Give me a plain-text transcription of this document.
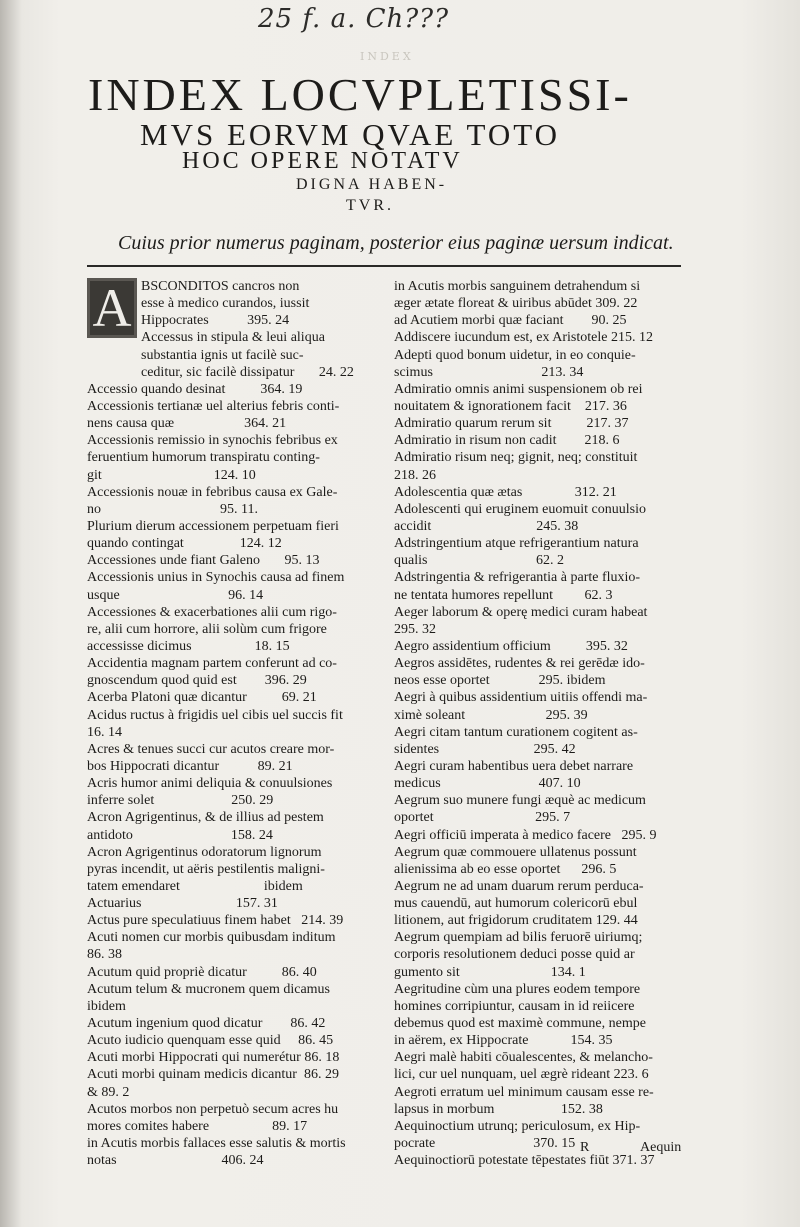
25 f. a. Ch???
INDEX
INDEX LOCVPLETISSI-
MVS EORVM QVAE TOTO
HOC OPERE NOTATV
DIGNA HABEN-
TVR.
Cuius prior numerus paginam, posterior eius paginæ uersum indicat.
A BSCONDITOS cancros non
esse à medico curandos, iussit
Hippocrates           395. 24
Accessus in stipula & leui aliqua
substantia ignis ut facilè suc-
ceditur, sic facilè dissipatur       24. 22
Accessio quando desinat          364. 19
Accessionis tertianæ uel alterius febris conti-
nens causa quæ                    364. 21
Accessionis remissio in synochis febribus ex
feruentium humorum transpiratu conting-
git                                124. 10
Accessionis nouæ in febribus causa ex Gale-
no                                  95. 11.
Plurium dierum accessionem perpetuam fieri
quando contingat                124. 12
Accessiones unde fiant Galeno       95. 13
Accessionis unius in Synochis causa ad finem
usque                               96. 14
Accessiones & exacerbationes alii cum rigo-
re, alii cum horrore, alii solùm cum frigore
accessisse dicimus                  18. 15
Accidentia magnam partem conferunt ad co-
gnoscendum quod quid est        396. 29
Acerba Platoni quæ dicantur          69. 21
Acidus ructus à frigidis uel cibis uel succis fit
16. 14
Acres & tenues succi cur acutos creare mor-
bos Hippocrati dicantur           89. 21
Acris humor animi deliquia & conuulsiones
inferre solet                      250. 29
Acron Agrigentinus, & de illius ad pestem
antidoto                            158. 24
Acron Agrigentinus odoratorum lignorum
pyras incendit, ut aëris pestilentis maligni-
tatem emendaret                        ibidem
Actuarius                           157. 31
Actus pure speculatiuus finem habet   214. 39
Acuti nomen cur morbis quibusdam inditum
86. 38
Acutum quid propriè dicatur          86. 40
Acutum telum & mucronem quem dicamus
ibidem
Acutum ingenium quod dicatur        86. 42
Acuto iudicio quenquam esse quid     86. 45
Acuti morbi Hippocrati qui numerétur 86. 18
Acuti morbi quinam medicis dicantur  86. 29
& 89. 2
Acutos morbos non perpetuò secum acres hu
mores comites habere                  89. 17
in Acutis morbis fallaces esse salutis & mortis
notas                              406. 24
in Acutis morbis sanguinem detrahendum si
æger ætate floreat & uiribus abūdet 309. 22
ad Acutiem morbi quæ faciant        90. 25
Addiscere iucundum est, ex Aristotele 215. 12
Adepti quod bonum uidetur, in eo conquie-
scimus                               213. 34
Admiratio omnis animi suspensionem ob rei
nouitatem & ignorationem facit    217. 36
Admiratio quarum rerum sit          217. 37
Admiratio in risum non cadit        218. 6
Admiratio risum neq; gignit, neq; constituit
218. 26
Adolescentia quæ ætas               312. 21
Adolescenti qui eruginem euomuit conuulsio
accidit                              245. 38
Adstringentium atque refrigerantium natura
qualis                               62. 2
Adstringentia & refrigerantia à parte fluxio-
ne tentata humores repellunt         62. 3
Aeger laborum & operę medici curam habeat
295. 32
Aegro assidentium officium          395. 32
Aegros assidētes, rudentes & rei gerēdæ ido-
neos esse oportet              295. ibidem
Aegri à quibus assidentium uitiis offendi ma-
ximè soleant                       295. 39
Aegri citam tantum curationem cogitent as-
sidentes                           295. 42
Aegri curam habentibus uera debet narrare
medicus                            407. 10
Aegrum suo munere fungi æquè ac medicum
oportet                             295. 7
Aegri officiū imperata à medico facere   295. 9
Aegrum quæ commouere ullatenus possunt
alienissima ab eo esse oportet      296. 5
Aegrum ne ad unam duarum rerum perduca-
mus cauendū, aut humorum colericorū ebul
litionem, aut frigidorum cruditatem 129. 44
Aegrum quempiam ad bilis feruorē uiriumq;
corporis resolutionem deduci posse quid ar
gumento sit                          134. 1
Aegritudine cùm una plures eodem tempore
homines corripiuntur, causam in id reiicere
debemus quod est maximè commune, nempe
in aërem, ex Hippocrate            154. 35
Aegri malè habiti cōualescentes, & melancho-
lici, cur uel nunquam, uel ægrè rideant 223. 6
Aegroti erratum uel minimum causam esse re-
lapsus in morbum                   152. 38
Aequinoctium utrunq; periculosum, ex Hip-
pocrate                            370. 15
Aequinoctiorū potestate tēpestates fiūt 371. 37
R	Aequin
